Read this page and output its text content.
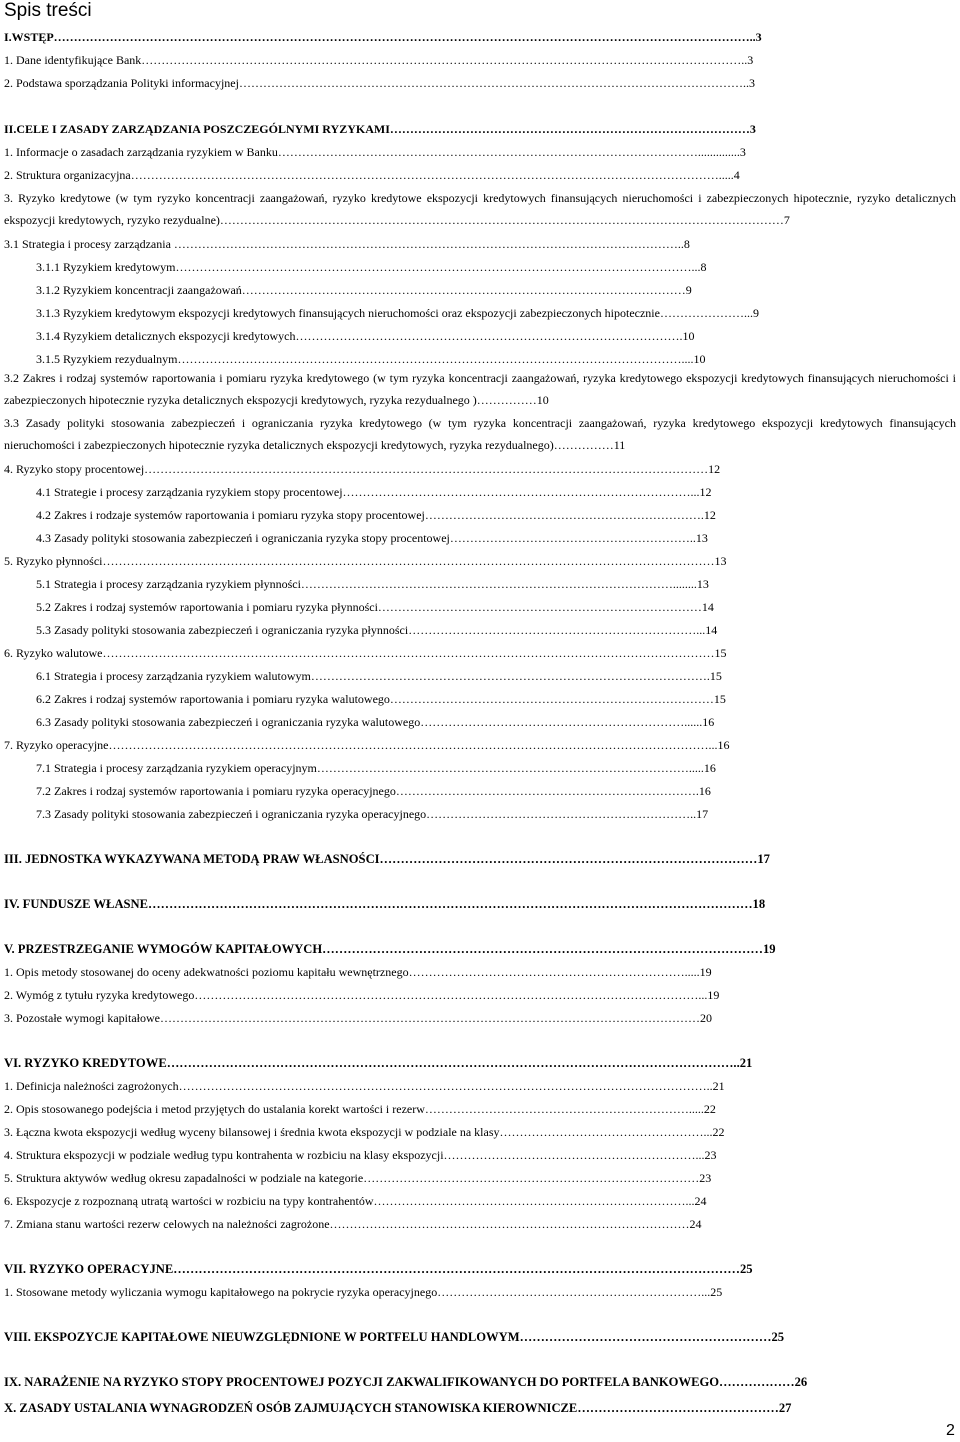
Spis treści
I.WSTĘP…………………………………………………………………………………………………………………………………………………………..3
1. Dane identyfikujące Bank……………………………………………………………………………………………………………………………………..3
2. Podstawa sporządzania Polityki informacyjnej………………………………………………………………………………………………………………..3
II.CELE I ZASADY ZARZĄDZANIA POSZCZEGÓLNYMI RYZYKAMI………………………………………………………………………………3
1. Informacje o zasadach zarządzania ryzykiem w Banku……………………………………………………………………………………………..............3
2. Struktura organizacyjna………………………………………………………………………………………………………………………………….....4
3. Ryzyko kredytowe (w tym ryzyko koncentracji zaangażowań, ryzyko kredytowe ekspozycji kredytowych finansujących nieruchomości i zabezpieczonych hipotecznie, ryzyko detalicznych ekspozycji kredytowych, ryzyko rezydualne)……………………………………………………………………………………………………………………………7
3.1 Strategia i procesy zarządzania ………………………………………………………………………………………………………………..8
3.1.1 Ryzykiem kredytowym…………………………………………………………………………………………………………………...8
3.1.2 Ryzykiem koncentracji zaangażowań…………………………………………………………………………………………………9
3.1.3 Ryzykiem kredytowym ekspozycji kredytowych finansujących nieruchomości oraz ekspozycji zabezpieczonych hipotecznie…………………...9
3.1.4 Ryzykiem detalicznych ekspozycji kredytowych…………………………………………………………………………………….10
3.1.5 Ryzykiem rezydualnym………………………………………………………………………………………………………………....10
3.2 Zakres i rodzaj systemów raportowania i pomiaru ryzyka kredytowego (w tym ryzyka koncentracji zaangażowań, ryzyka kredytowego ekspozycji kredytowych finansujących nieruchomości i zabezpieczonych hipotecznie ryzyka detalicznych ekspozycji kredytowych, ryzyka rezydualnego )……………10
3.3 Zasady polityki stosowania zabezpieczeń i ograniczania ryzyka kredytowego (w tym ryzyka koncentracji zaangażowań, ryzyka kredytowego ekspozycji kredytowych finansujących nieruchomości i zabezpieczonych hipotecznie ryzyka detalicznych ekspozycji kredytowych, ryzyka rezydualnego)……………11
4. Ryzyko stopy procentowej……………………………………………………………………………………………………………………………12
4.1 Strategie i procesy zarządzania ryzykiem stopy procentowej……………………………………………………………………………...12
4.2 Zakres i rodzaje systemów raportowania i pomiaru ryzyka stopy procentowej…………………………………………………………….12
4.3 Zasady polityki stosowania zabezpieczeń i ograniczania ryzyka stopy procentowej……………………………………………………..13
5. Ryzyko płynności………………………………………………………………………………………………………………………………………13
5.1 Strategia i procesy zarządzania ryzykiem płynności…………………………………………………………………………………........13
5.2 Zakres i rodzaj systemów raportowania i pomiaru ryzyka płynności………………………………………………………………………14
5.3 Zasady polityki stosowania zabezpieczeń i ograniczania ryzyka płynności………………………………………………………………...14
6. Ryzyko walutowe………………………………………………………………………………………………………………………………………15
6.1 Strategia i procesy zarządzania ryzykiem walutowym……………………………………………………………………………………….15
6.2 Zakres i rodzaj systemów raportowania i pomiaru ryzyka walutowego………………………………………………………………………15
6.3 Zasady polityki stosowania zabezpieczeń i ograniczania ryzyka walutowego…………………………………………………………......16
7. Ryzyko operacyjne……………………………………………………………………………………………………………………………………...16
7.1 Strategia i procesy zarządzania ryzykiem operacyjnym………………………………………………………………………………….....16
7.2 Zakres i rodzaj systemów raportowania i pomiaru ryzyka operacyjnego………………………………………………………………….16
7.3 Zasady polityki stosowania zabezpieczeń i ograniczania ryzyka operacyjnego…………………………………………………………..17
III. JEDNOSTKA WYKAZYWANA METODĄ PRAW WŁASNOŚCI………………………………………………………………………………17
IV. FUNDUSZE WŁASNE………………………………………………………………………………………………………………………………18
V. PRZESTRZEGANIE WYMOGÓW KAPITAŁOWYCH……………………………………………………………………………………………19
1. Opis metody stosowanej do oceny adekwatności poziomu kapitału wewnętrznego…………………………………………………………….....19
2. Wymóg z tytułu ryzyka kredytowego………………………………………………………………………………………………………………...19
3. Pozostałe wymogi kapitałowe………………………………………………………………………………………………………………………20
VI. RYZYKO KREDYTOWE………………………………………………………………………………………………………………………..21
1. Definicja należności zagrożonych……………………………………………………………………………………………………………………..21
2. Opis stosowanego podejścia i metod przyjętych do ustalania korekt wartości i rezerw………………………………………………………….....22
3. Łączna kwota ekspozycji według wyceny bilansowej i średnia kwota ekspozycji w podziale na klasy……………………………………………...22
4. Struktura ekspozycji w podziale według typu kontrahenta w rozbiciu na klasy ekspozycji………………………………………………………...23
5. Struktura aktywów według okresu zapadalności w podziale na kategorie…………………………………………………………………………23
6. Ekspozycje z rozpoznaną utratą wartości w rozbiciu na typy kontrahentów……………………………………………………………………...24
7. Zmiana stanu wartości rezerw celowych na należności zagrożone………………………………………………………………………………24
VII. RYZYKO OPERACYJNE………………………………………………………………………………………………………………………25
1. Stosowane metody wyliczania wymogu kapitałowego na pokrycie ryzyka operacyjnego…………………………………………………………...25
VIII. EKSPOZYCJE KAPITAŁOWE NIEUWZGLĘDNIONE W PORTFELU HANDLOWYM……………………………………………………25
IX. NARAŻENIE NA RYZYKO STOPY PROCENTOWEJ POZYCJI ZAKWALIFIKOWANYCH DO PORTFELA BANKOWEGO………………26
X. ZASADY USTALANIA WYNAGRODZEŃ OSÓB ZAJMUJĄCYCH STANOWISKA KIEROWNICZE…………………………………………27
2
